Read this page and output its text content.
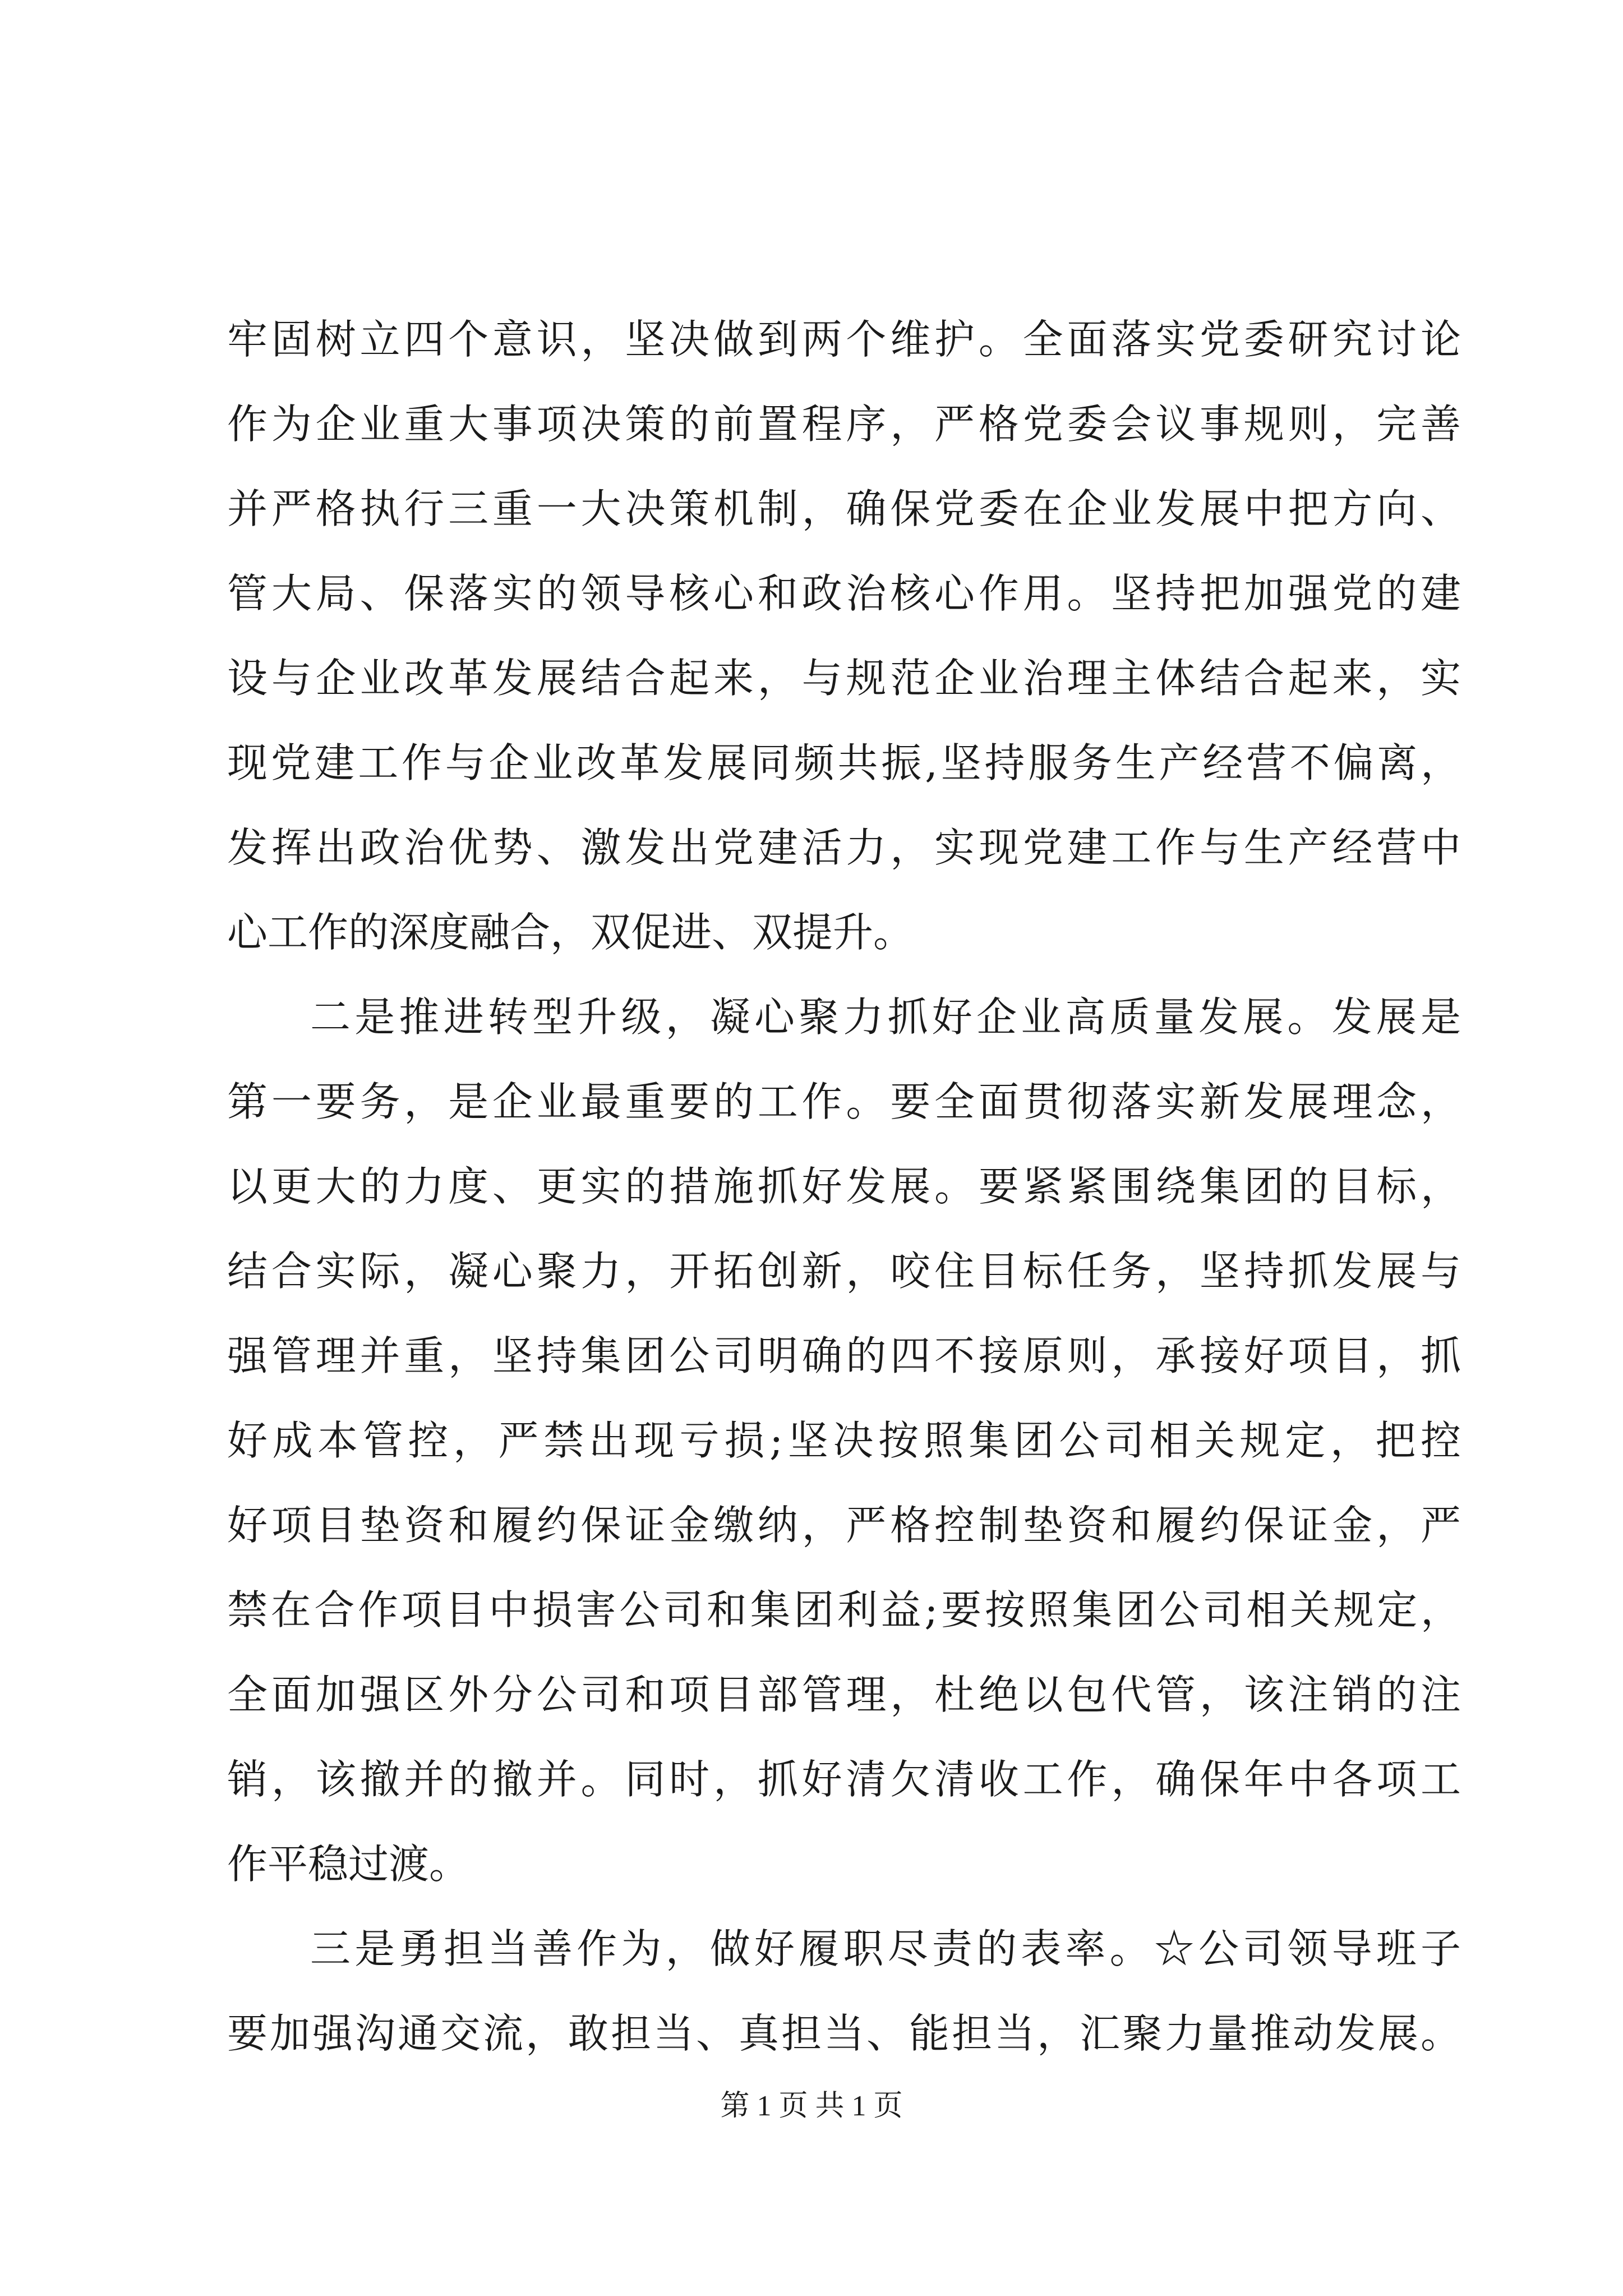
牢固树立四个意识，坚决做到两个维护。全面落实党委研究讨论
作为企业重大事项决策的前置程序，严格党委会议事规则，完善
并严格执行三重一大决策机制，确保党委在企业发展中把方向、
管大局、保落实的领导核心和政治核心作用。坚持把加强党的建
设与企业改革发展结合起来，与规范企业治理主体结合起来，实
现党建工作与企业改革发展同频共振,坚持服务生产经营不偏离，
发挥出政治优势、激发出党建活力，实现党建工作与生产经营中
心工作的深度融合，双促进、双提升。
二是推进转型升级，凝心聚力抓好企业高质量发展。发展是
第一要务，是企业最重要的工作。要全面贯彻落实新发展理念，
以更大的力度、更实的措施抓好发展。要紧紧围绕集团的目标，
结合实际，凝心聚力，开拓创新，咬住目标任务，坚持抓发展与
强管理并重，坚持集团公司明确的四不接原则，承接好项目，抓
好成本管控，严禁出现亏损;坚决按照集团公司相关规定，把控
好项目垫资和履约保证金缴纳，严格控制垫资和履约保证金，严
禁在合作项目中损害公司和集团利益;要按照集团公司相关规定，
全面加强区外分公司和项目部管理，杜绝以包代管，该注销的注
销，该撤并的撤并。同时，抓好清欠清收工作，确保年中各项工
作平稳过渡。
三是勇担当善作为，做好履职尽责的表率。☆公司领导班子
要加强沟通交流，敢担当、真担当、能担当，汇聚力量推动发展。
第 1 页 共 1 页
